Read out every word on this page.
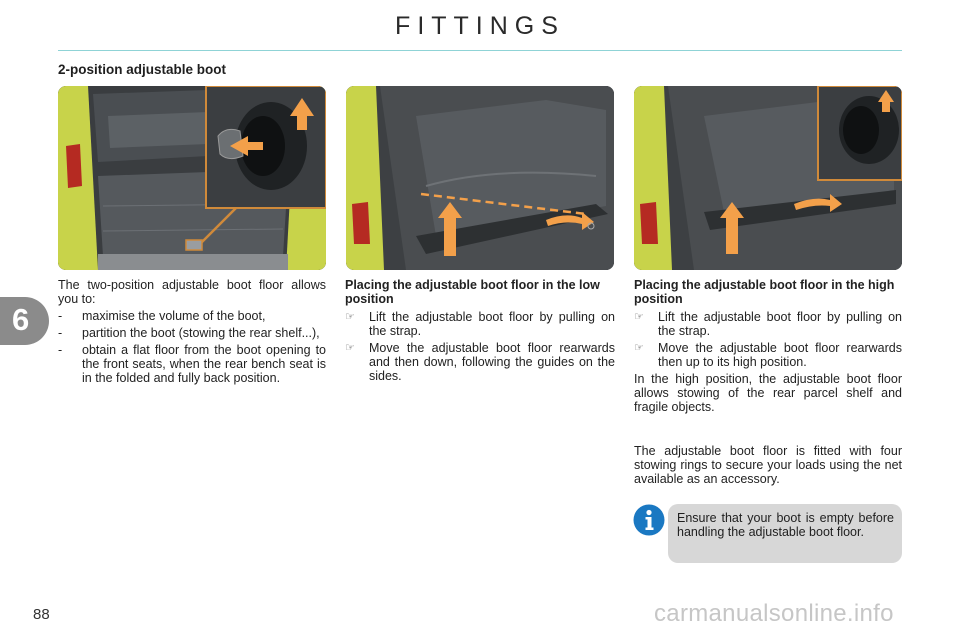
FITTINGS
2-position adjustable boot

The two-position adjustable boot floor allows you to:

-	maximise the volume of the boot,
-	partition the boot (stowing the rear shelf...),
-	obtain a flat floor from the boot opening to the front seats, when the rear bench seat is in the folded and fully back position.

Placing the adjustable boot floor in the low position

☞	Lift the adjustable boot floor by pulling on the strap.
☞	Move the adjustable boot floor rearwards and then down, following the guides on the sides.

Placing the adjustable boot floor in the high position

☞	Lift the adjustable boot floor by pulling on the strap.
☞	Move the adjustable boot floor rearwards then up to its high position.

In the high position, the adjustable boot floor allows stowing of the rear parcel shelf and fragile objects.

The adjustable boot floor is fitted with four stowing rings to secure your loads using the net available as an accessory.

Ensure that your boot is empty before handling the adjustable boot floor.
6
88	carmanualsonline.info
